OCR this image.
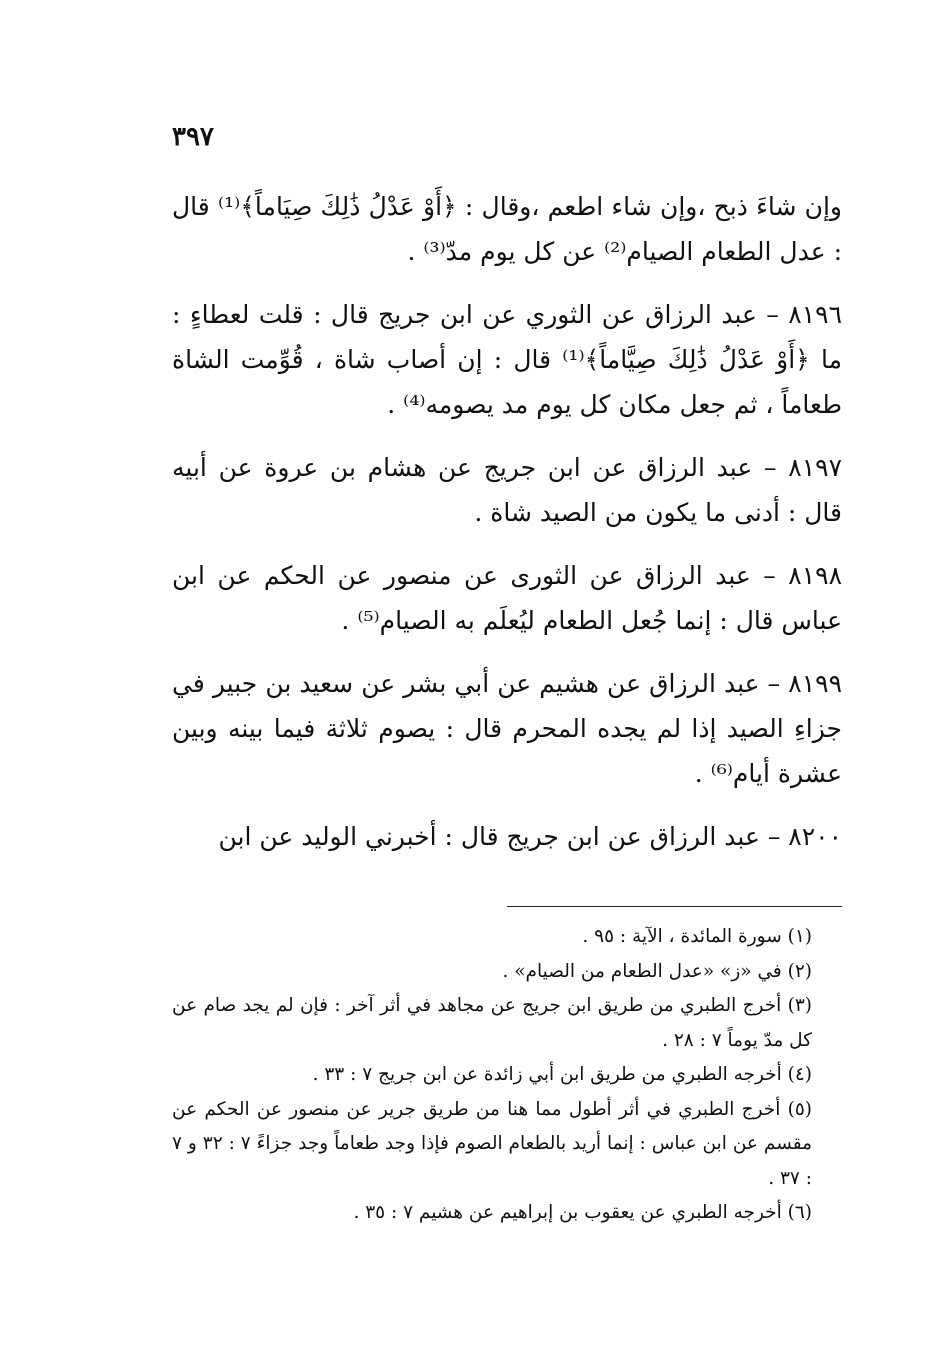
٣٩٧

وإن شاءَ ذبح ،وإن شاء اطعم ،وقال : ﴿أَوْ عَدْلُ ذَٰلِكَ صِيَاماً﴾⁽¹⁾ قال : عدل الطعام الصيام⁽²⁾ عن كل يوم مدّ⁽³⁾ .

٨١٩٦ – عبد الرزاق عن الثوري عن ابن جريج قال : قلت لعطاءٍ : ما ﴿أَوْ عَدْلُ ذَٰلِكَ صِيَّاماً﴾⁽¹⁾ قال : إن أصاب شاة ، قُوِّمت الشاة طعاماً ، ثم جعل مكان كل يوم مد يصومه⁽⁴⁾ .

٨١٩٧ – عبد الرزاق عن ابن جريج عن هشام بن عروة عن أبيه قال : أدنى ما يكون من الصيد شاة .

٨١٩٨ – عبد الرزاق عن الثورى عن منصور عن الحكم عن ابن عباس قال : إنما جُعل الطعام ليُعلَم به الصيام⁽⁵⁾ .

٨١٩٩ – عبد الرزاق عن هشيم عن أبي بشر عن سعيد بن جبير في جزاءِ الصيد إذا لم يجده المحرم قال : يصوم ثلاثة فيما بينه وبين عشرة أيام⁽⁶⁾ .

٨٢٠٠ – عبد الرزاق عن ابن جريج قال : أخبرني الوليد عن ابن

(١) سورة المائدة ، الآية : ٩٥ .

(٢) في «ز» «عدل الطعام من الصيام» .

(٣) أخرج الطبري من طريق ابن جريج عن مجاهد في أثر آخر : فإن لم يجد صام عن كل مدّ يوماً ٧ : ٢٨ .

(٤) أخرجه الطبري من طريق ابن أبي زائدة عن ابن جريج ٧ : ٣٣ .

(٥) أخرج الطبري في أثر أطول مما هنا من طريق جرير عن منصور عن الحكم عن مقسم عن ابن عباس : إنما أريد بالطعام الصوم فإذا وجد طعاماً وجد جزاءً ٧ : ٣٢ و ٧ : ٣٧ .

(٦) أخرجه الطبري عن يعقوب بن إبراهيم عن هشيم ٧ : ٣٥ .
